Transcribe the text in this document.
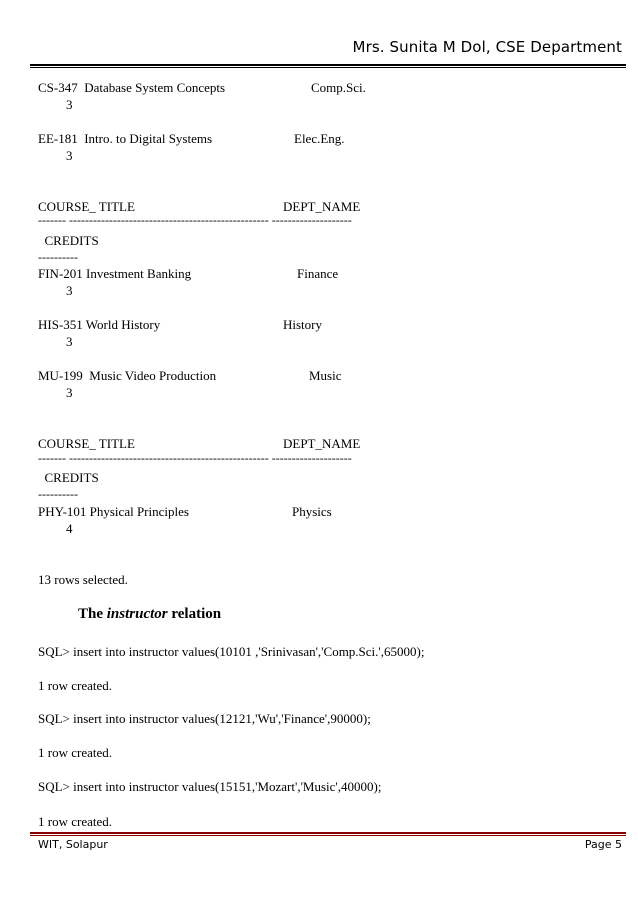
Mrs. Sunita M Dol, CSE Department
CS-347  Database System Concepts	Comp.Sci.
3
EE-181  Intro. to Digital Systems	Elec.Eng.
3
COURSE_ TITLE	DEPT_NAME
------- -------------------------------------------------- --------------------
CREDITS
----------
FIN-201 Investment Banking	Finance
3
HIS-351 World History	History
3
MU-199  Music Video Production	Music
3
COURSE_ TITLE	DEPT_NAME
------- -------------------------------------------------- --------------------
CREDITS
----------
PHY-101 Physical Principles	Physics
4
13 rows selected.
The instructor relation
SQL> insert into instructor values(10101 ,'Srinivasan','Comp.Sci.',65000);
1 row created.
SQL> insert into instructor values(12121,'Wu','Finance',90000);
1 row created.
SQL> insert into instructor values(15151,'Mozart','Music',40000);
1 row created.
WIT, Solapur	Page 5
